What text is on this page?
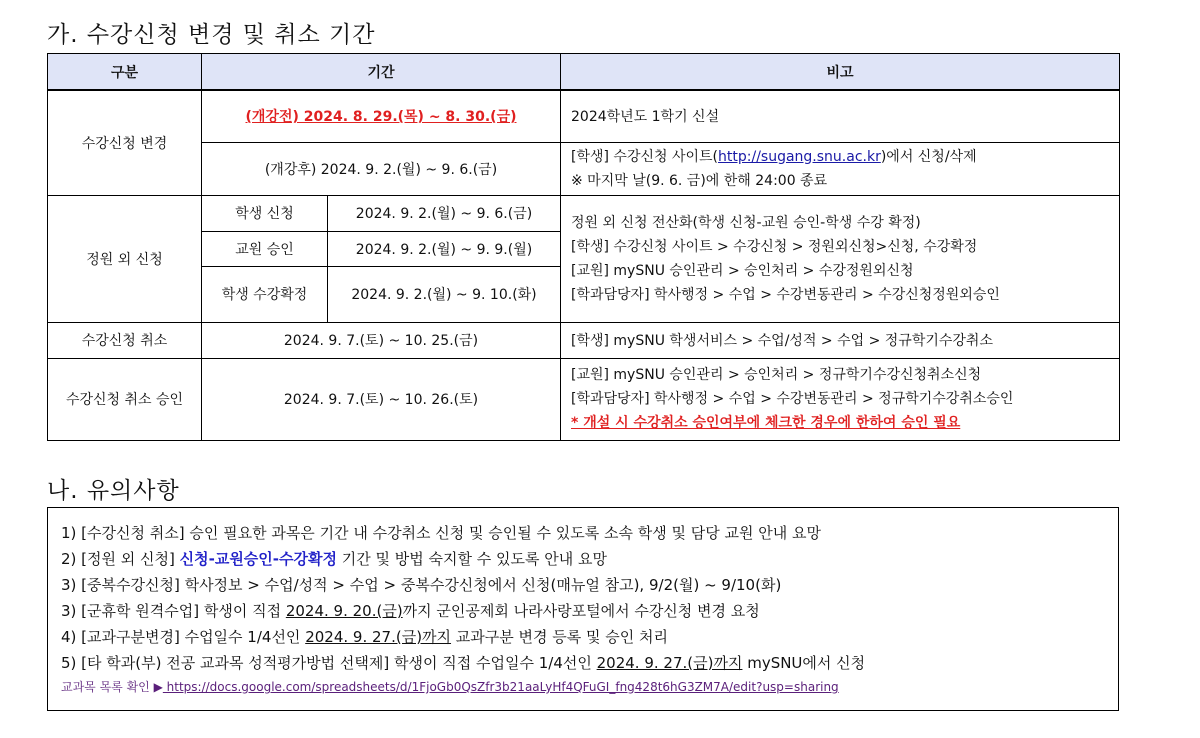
가. 수강신청 변경 및 취소 기간
구분	기간		비고
수강신청 변경	(개강전) 2024. 8. 29.(목) ~ 8. 30.(금)		2024학년도 1학기 신설
	(개강후) 2024. 9. 2.(월) ~ 9. 6.(금)		[학생] 수강신청 사이트(http://sugang.snu.ac.kr)에서 신청/삭제
※ 마지막 날(9. 6. 금)에 한해 24:00 종료

정원 외 신청	학생 신청	2024. 9. 2.(월) ~ 9. 6.(금)	정원 외 신청 전산화(학생 신청-교원 승인-학생 수강 확정)
[학생] 수강신청 사이트 > 수강신청 > 정원외신청>신청, 수강확정
[교원] mySNU 승인관리 > 승인처리 > 수강정원외신청
[학과담당자] 학사행정 > 수업 > 수강변동관리 > 수강신청정원외승인

	교원 승인	2024. 9. 2.(월) ~ 9. 9.(월)	
	학생 수강확정	2024. 9. 2.(월) ~ 9. 10.(화)	
수강신청 취소	2024. 9. 7.(토) ~ 10. 25.(금)		[학생] mySNU 학생서비스 > 수업/성적 > 수업 > 정규학기수강취소
수강신청 취소 승인	2024. 9. 7.(토) ~ 10. 26.(토)		[교원] mySNU 승인관리 > 승인처리 > 정규학기수강신청취소신청
[학과담당자] 학사행정 > 수업 > 수강변동관리 > 정규학기수강취소승인
* 개설 시 수강취소 승인여부에 체크한 경우에 한하여 승인 필요
나. 유의사항
1) [수강신청 취소] 승인 필요한 과목은 기간 내 수강취소 신청 및 승인될 수 있도록 소속 학생 및 담당 교원 안내 요망
2) [정원 외 신청] 신청-교원승인-수강확정 기간 및 방법 숙지할 수 있도록 안내 요망
3) [중복수강신청] 학사정보 > 수업/성적 > 수업 > 중복수강신청에서 신청(매뉴얼 참고), 9/2(월) ~ 9/10(화)
3) [군휴학 원격수업] 학생이 직접 2024. 9. 20.(금)까지 군인공제회 나라사랑포털에서 수강신청 변경 요청
4) [교과구분변경] 수업일수 1/4선인 2024. 9. 27.(금)까지 교과구분 변경 등록 및 승인 처리
5) [타 학과(부) 전공 교과목 성적평가방법 선택제] 학생이 직접 수업일수 1/4선인 2024. 9. 27.(금)까지 mySNU에서 신청
교과목 목록 확인 ▶ https://docs.google.com/spreadsheets/d/1FjoGb0QsZfr3b21aaLyHf4QFuGI_fng428t6hG3ZM7A/edit?usp=sharing
